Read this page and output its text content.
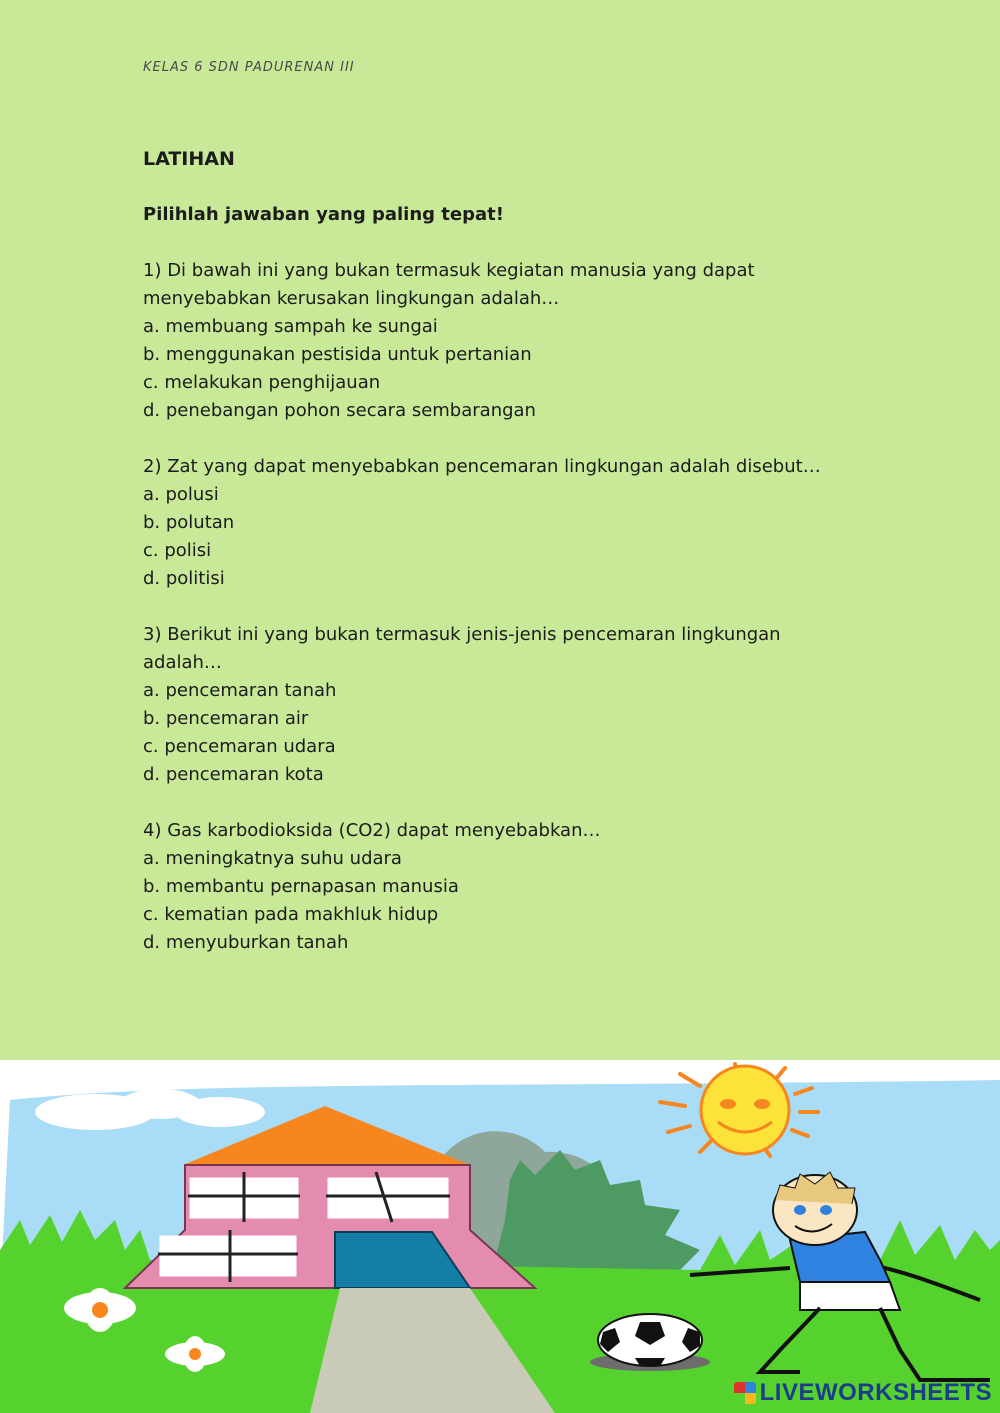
KELAS 6 SDN PADURENAN III

LATIHAN

Pilihlah jawaban yang paling tepat!

1) Di bawah ini yang bukan termasuk kegiatan manusia yang dapat menyebabkan kerusakan lingkungan adalah…
a. membuang sampah ke sungai
b. menggunakan pestisida untuk pertanian
c. melakukan penghijauan
d. penebangan pohon secara sembarangan
2) Zat yang dapat menyebabkan pencemaran lingkungan adalah disebut…
a. polusi
b. polutan
c. polisi
d. politisi
3) Berikut ini yang bukan termasuk jenis-jenis pencemaran lingkungan adalah…
a. pencemaran tanah
b. pencemaran air
c. pencemaran udara
d. pencemaran kota
4) Gas karbodioksida (CO2) dapat menyebabkan…
a. meningkatnya suhu udara
b. membantu pernapasan manusia
c. kematian pada makhluk hidup
d. menyuburkan tanah
LIVEWORKSHEETS
